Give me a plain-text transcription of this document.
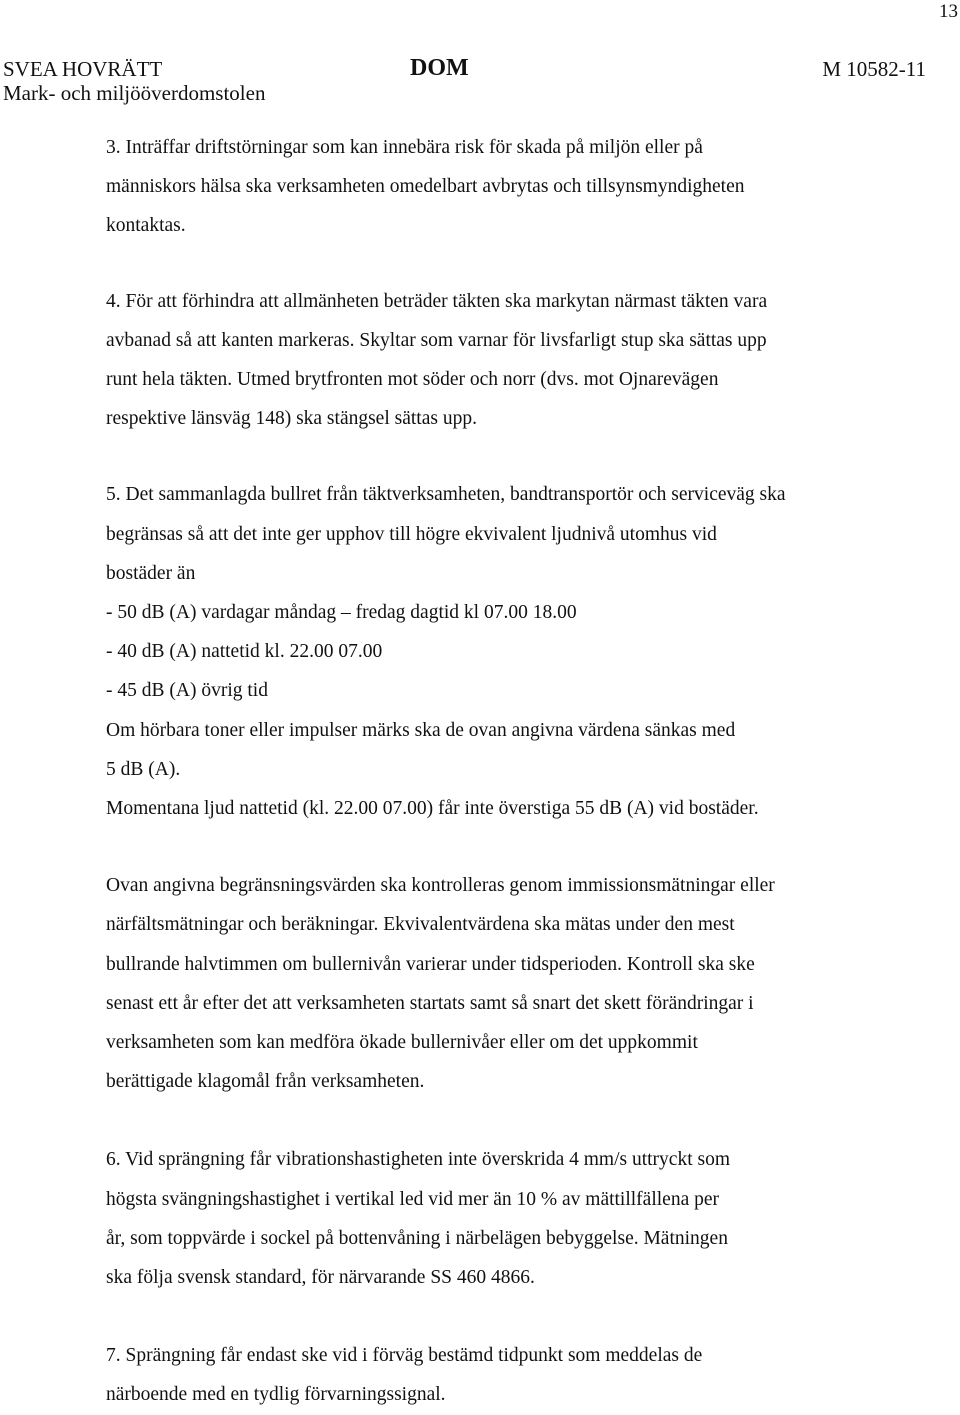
13
SVEA HOVRÄTT
Mark- och miljööverdomstolen
DOM	M 10582-11
3. Inträffar driftstörningar som kan innebära risk för skada på miljön eller på
människors hälsa ska verksamheten omedelbart avbrytas och tillsynsmyndigheten
kontaktas.
4. För att förhindra att allmänheten beträder täkten ska markytan närmast täkten vara
avbanad så att kanten markeras. Skyltar som varnar för livsfarligt stup ska sättas upp
runt hela täkten. Utmed brytfronten mot söder och norr (dvs. mot Ojnarevägen
respektive länsväg 148) ska stängsel sättas upp.
5. Det sammanlagda bullret från täktverksamheten, bandtransportör och serviceväg ska
begränsas så att det inte ger upphov till högre ekvivalent ljudnivå utomhus vid
bostäder än
- 50 dB (A) vardagar måndag – fredag dagtid kl 07.00 18.00
- 40 dB (A) nattetid kl. 22.00 07.00
- 45 dB (A) övrig tid
Om hörbara toner eller impulser märks ska de ovan angivna värdena sänkas med
5 dB (A).
Momentana ljud nattetid (kl. 22.00 07.00) får inte överstiga 55 dB (A) vid bostäder.
Ovan angivna begränsningsvärden ska kontrolleras genom immissionsmätningar eller
närfältsmätningar och beräkningar. Ekvivalentvärdena ska mätas under den mest
bullrande halvtimmen om bullernivån varierar under tidsperioden. Kontroll ska ske
senast ett år efter det att verksamheten startats samt så snart det skett förändringar i
verksamheten som kan medföra ökade bullernivåer eller om det uppkommit
berättigade klagomål från verksamheten.
6. Vid sprängning får vibrationshastigheten inte överskrida 4 mm/s uttryckt som
högsta svängningshastighet i vertikal led vid mer än 10 % av mättillfällena per
år, som toppvärde i sockel på bottenvåning i närbelägen bebyggelse. Mätningen
ska följa svensk standard, för närvarande SS 460 4866.
7. Sprängning får endast ske vid i förväg bestämd tidpunkt som meddelas de
närboende med en tydlig förvarningssignal.
